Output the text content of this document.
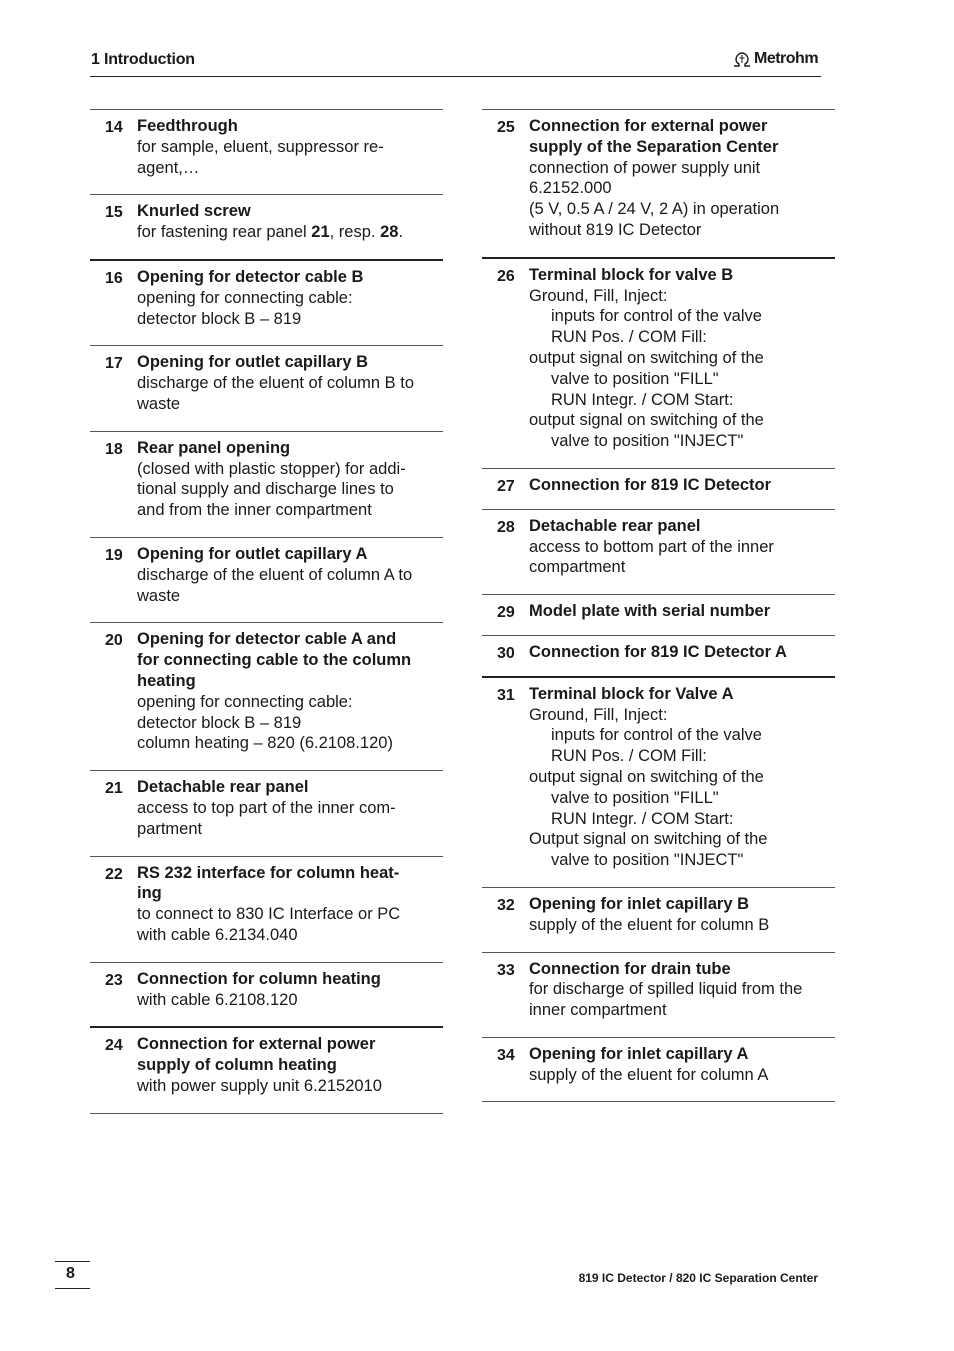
1 Introduction	Metrohm
14 Feedthrough
for sample, eluent, suppressor re-
agent,…
15 Knurled screw
for fastening rear panel 21, resp. 28.
16 Opening for detector cable B
opening for connecting cable:
detector block B – 819
17 Opening for outlet capillary B
discharge of the eluent of column B to
waste
18 Rear panel opening
(closed with plastic stopper) for addi-
tional supply and discharge lines to
and from the inner compartment
19 Opening for outlet capillary A
discharge of the eluent of column A to
waste
20 Opening for detector cable A and
for connecting cable to the column
heating
opening for connecting cable:
detector block B – 819
column heating – 820 (6.2108.120)
21 Detachable rear panel
access to top part of the inner com-
partment
22 RS 232 interface for column heat-
ing
to connect to 830 IC Interface or PC
with cable 6.2134.040
23 Connection for column heating
with cable 6.2108.120
24 Connection for external power
supply of column heating
with power supply unit 6.2152010
25 Connection for external power
supply of the Separation Center
connection of power supply unit
6.2152.000
(5 V, 0.5 A / 24 V, 2 A) in operation
without 819 IC Detector
26 Terminal block for valve B
Ground, Fill, Inject:
inputs for control of the valve
RUN Pos. / COM Fill:
output signal on switching of the
valve to position "FILL"
RUN Integr. / COM Start:
output signal on switching of the
valve to position "INJECT"
27 Connection for 819 IC Detector
28 Detachable rear panel
access to bottom part of the inner
compartment
29 Model plate with serial number
30 Connection for 819 IC Detector A
31 Terminal block for Valve A
Ground, Fill, Inject:
inputs for control of the valve
RUN Pos. / COM Fill:
output signal on switching of the
valve to position "FILL"
RUN Integr. / COM Start:
Output signal on switching of the
valve to position "INJECT"
32 Opening for inlet capillary B
supply of the eluent for column B
33 Connection for drain tube
for discharge of spilled liquid from the
inner compartment
34 Opening for inlet capillary A
supply of the eluent for column A
8	819 IC Detector / 820 IC Separation Center
